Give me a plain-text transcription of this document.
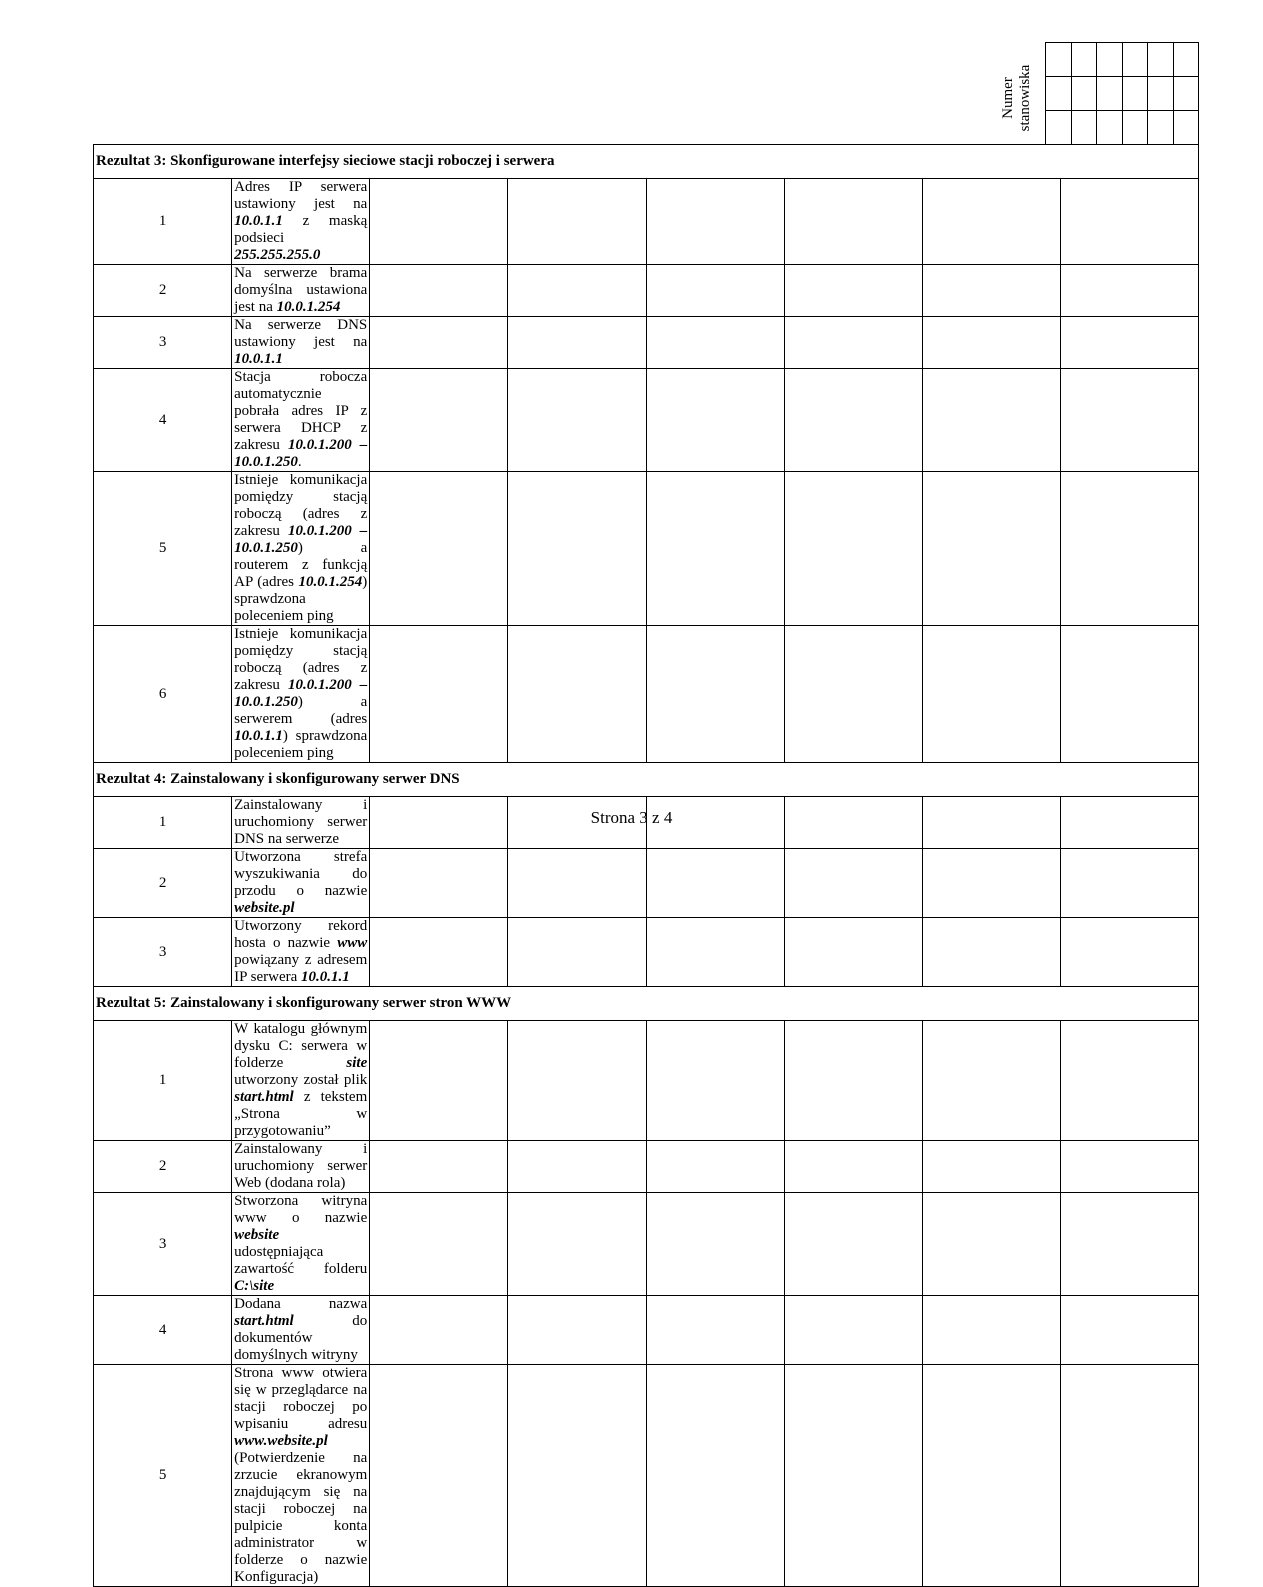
Numer stanowiska

Rezultat 3: Skonfigurowane interfejsy sieciowe stacji roboczej i serwera							
1	Adres IP serwera ustawiony jest na 10.0.1.1 z maską podsieci 255.255.255.0						
2	Na serwerze brama domyślna ustawiona jest na 10.0.1.254						
3	Na serwerze DNS ustawiony jest na 10.0.1.1						
4	Stacja robocza automatycznie pobrała adres IP z serwera DHCP z zakresu 10.0.1.200 – 10.0.1.250.						
5	Istnieje komunikacja pomiędzy stacją roboczą (adres z zakresu 10.0.1.200 – 10.0.1.250) a routerem z funkcją AP (adres 10.0.1.254) sprawdzona poleceniem ping						
6	Istnieje komunikacja pomiędzy stacją roboczą (adres z zakresu 10.0.1.200 – 10.0.1.250) a serwerem (adres 10.0.1.1) sprawdzona poleceniem ping						
Rezultat 4: Zainstalowany i skonfigurowany serwer DNS							
1	Zainstalowany i uruchomiony serwer DNS na serwerze						
2	Utworzona strefa wyszukiwania do przodu o nazwie website.pl						
3	Utworzony rekord hosta o nazwie www powiązany z adresem IP serwera 10.0.1.1						
Rezultat 5: Zainstalowany i skonfigurowany serwer stron WWW							
1	W katalogu głównym dysku C: serwera w folderze site utworzony został plik start.html z tekstem „Strona w przygotowaniu”						
2	Zainstalowany i uruchomiony serwer Web (dodana rola)						
3	Stworzona witryna www o nazwie website udostępniająca zawartość folderu C:\site						
4	Dodana nazwa start.html do dokumentów domyślnych witryny						
5	Strona www otwiera się w przeglądarce na stacji roboczej po wpisaniu adresu www.website.pl (Potwierdzenie na zrzucie ekranowym znajdującym się na stacji roboczej na pulpicie konta administrator w folderze o nazwie Konfiguracja)						
Strona 3 z 4
